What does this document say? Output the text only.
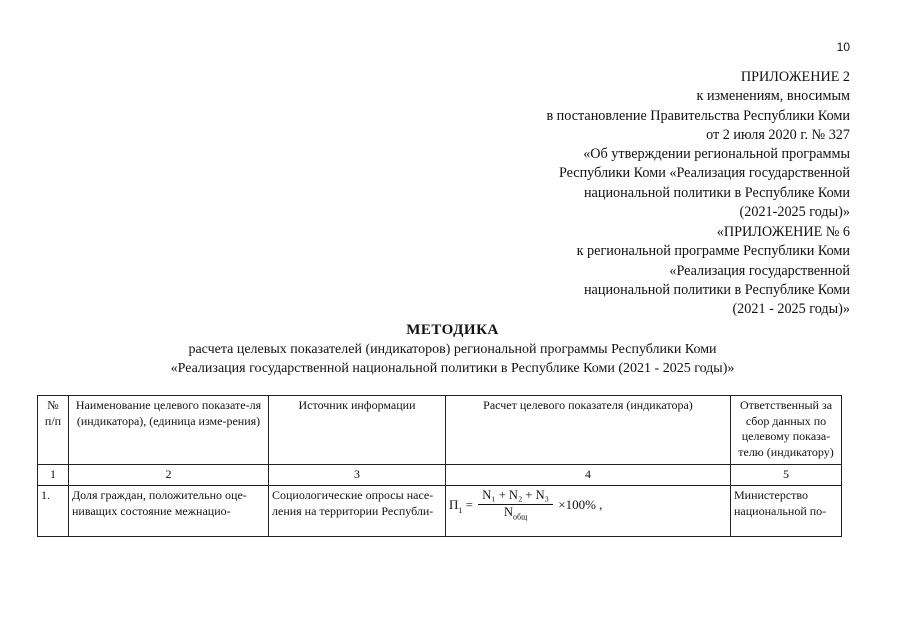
10
ПРИЛОЖЕНИЕ 2
к изменениям, вносимым
в постановление Правительства Республики Коми
от 2 июля 2020 г. № 327
«Об утверждении региональной программы
Республики Коми «Реализация государственной
национальной политики в Республике Коми
(2021-2025 годы)»
«ПРИЛОЖЕНИЕ № 6
к региональной программе Республики Коми
«Реализация государственной
национальной политики в Республике Коми
(2021 - 2025 годы)»
МЕТОДИКА
расчета целевых показателей (индикаторов) региональной программы Республики Коми
«Реализация государственной национальной политики в Республике Коми (2021 - 2025 годы)»
№ п/п	Наименование целевого показате-ля (индикатора), (единица изме-рения)	Источник информации	Расчет целевого показателя (индикатора)	Ответственный за сбор данных по целевому показа-телю (индикатору)
1	2	3	4	5
1.	Доля граждан, положительно оце-ниващих состояние межнацио-	Социологические опросы насе-ления на территории Республи-	$П_1 = \frac{\text{N₁ + N₂ + N₃}}{N_{общ}} \times 100\%$ ,	Министерство национальной по-
